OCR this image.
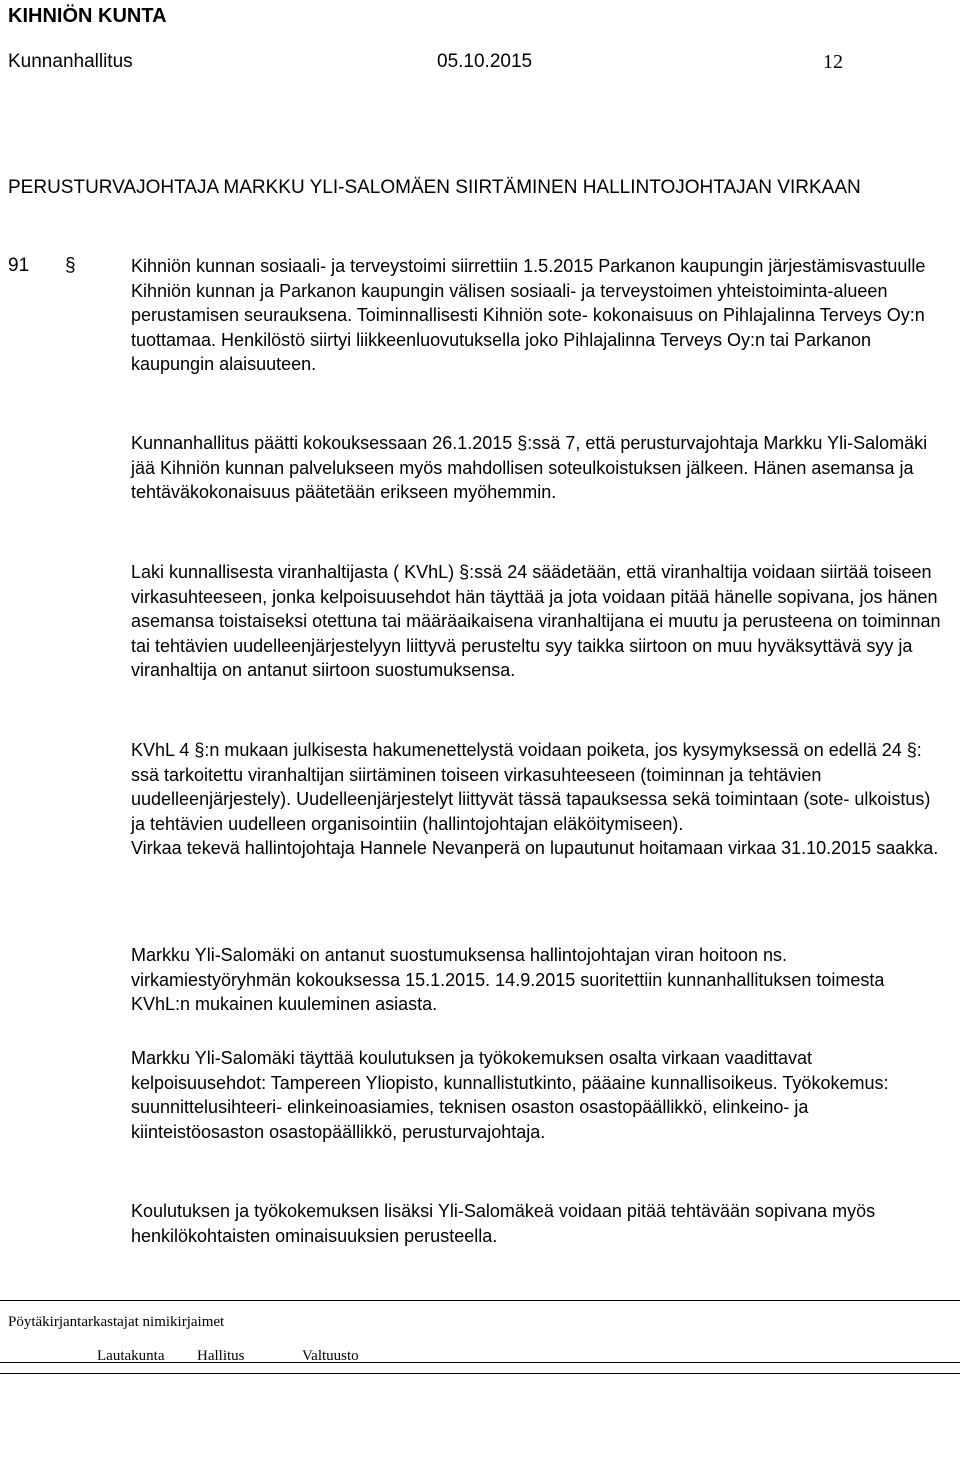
KIHNIÖN KUNTA
Kunnanhallitus	05.10.2015	12
PERUSTURVAJOHTAJA MARKKU YLI-SALOMÄEN SIIRTÄMINEN HALLINTOJOHTAJAN VIRKAAN
91 §	Kihniön kunnan sosiaali- ja terveystoimi siirrettiin 1.5.2015 Parkanon kaupungin järjestämisvastuulle Kihniön kunnan ja Parkanon kaupungin välisen sosiaali- ja terveystoimen yhteistoiminta-alueen perustamisen seurauksena. Toiminnallisesti Kihniön sote- kokonaisuus on Pihlajalinna Terveys Oy:n tuottamaa. Henkilöstö siirtyi liikkeenluovutuksella joko Pihlajalinna Terveys Oy:n tai Parkanon kaupungin alaisuuteen.

Kunnanhallitus päätti kokouksessaan 26.1.2015 §:ssä 7, että perusturvajohtaja Markku Yli-Salomäki jää Kihniön kunnan palvelukseen myös mahdollisen soteulkoistuksen jälkeen. Hänen asemansa ja tehtäväkokonaisuus päätetään erikseen myöhemmin.

Laki kunnallisesta viranhaltijasta ( KVhL) §:ssä 24 säädetään, että viranhaltija voidaan siirtää toiseen virkasuhteeseen, jonka kelpoisuusehdot hän täyttää ja jota voidaan pitää hänelle sopivana, jos hänen asemansa toistaiseksi otettuna tai määräaikaisena viranhaltijana ei muutu ja perusteena on toiminnan tai tehtävien uudelleenjärjestelyyn liittyvä perusteltu syy taikka siirtoon on muu hyväksyttävä syy ja viranhaltija on antanut siirtoon suostumuksensa.

KVhL 4 §:n mukaan julkisesta hakumenettelystä voidaan poiketa, jos kysymyksessä on edellä 24 §: ssä tarkoitettu viranhaltijan siirtäminen toiseen virkasuhteeseen (toiminnan ja tehtävien uudelleenjärjestely). Uudelleenjärjestelyt liittyvät tässä tapauksessa sekä toimintaan (sote- ulkoistus) ja tehtävien uudelleen organisointiin (hallintojohtajan eläköitymiseen).

Virkaa tekevä hallintojohtaja Hannele Nevanperä on lupautunut hoitamaan virkaa 31.10.2015 saakka.

Markku Yli-Salomäki on antanut suostumuksensa hallintojohtajan viran hoitoon ns. virkamiestyöryhmän kokouksessa 15.1.2015. 14.9.2015 suoritettiin kunnanhallituksen toimesta KVhL:n mukainen kuuleminen asiasta.

Markku Yli-Salomäki täyttää koulutuksen ja työkokemuksen osalta virkaan vaadittavat kelpoisuusehdot: Tampereen Yliopisto, kunnallistutkinto, pääaine kunnallisoikeus. Työkokemus: suunnittelusihteeri- elinkeinoasiamies, teknisen osaston osastopäällikkö, elinkeino- ja kiinteistöosaston osastopäällikkö, perusturvajohtaja.

Koulutuksen ja työkokemuksen lisäksi Yli-Salomäkeä voidaan pitää tehtävään sopivana myös henkilökohtaisten ominaisuuksien perusteella.

Pöytäkirjantarkastajat nimikirjaimet
Lautakunta Hallitus	Valtuusto
